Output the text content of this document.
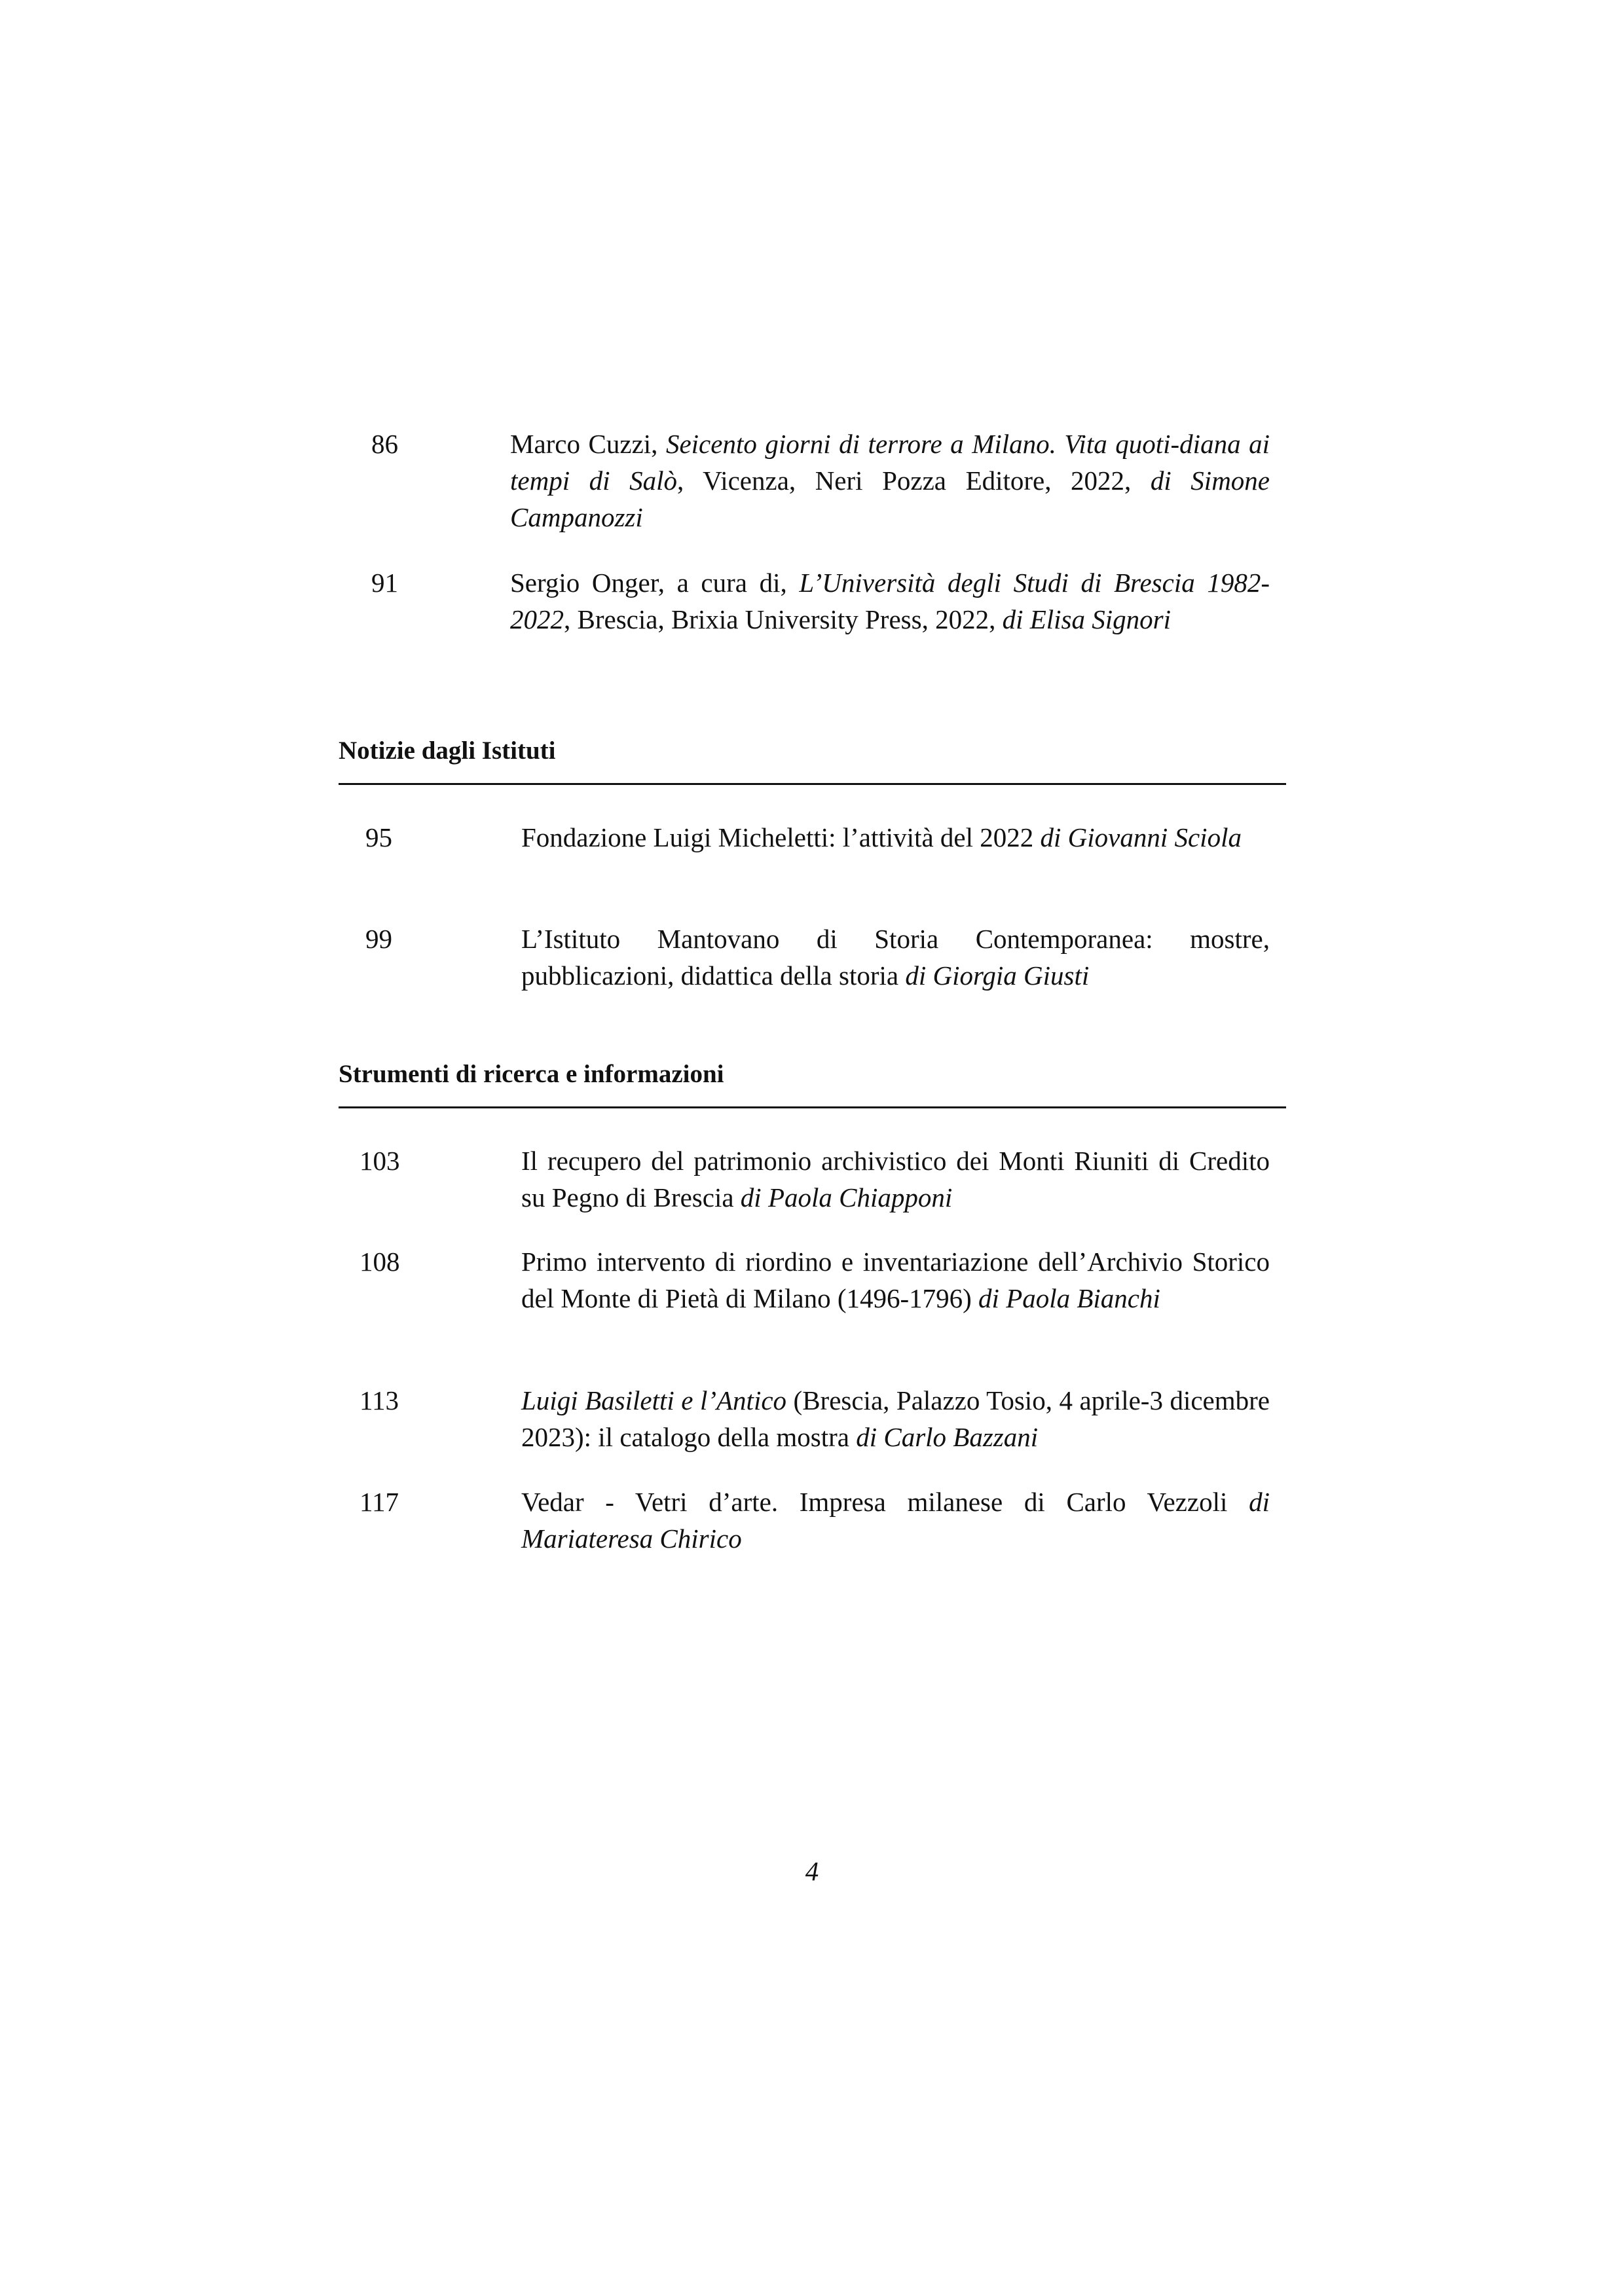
86	Marco Cuzzi, Seicento giorni di terrore a Milano. Vita quoti-diana ai tempi di Salò, Vicenza, Neri Pozza Editore, 2022, di Simone Campanozzi
91	Sergio Onger, a cura di, L’Università degli Studi di Brescia 1982-2022, Brescia, Brixia University Press, 2022, di Elisa Signori
Notizie dagli Istituti
95	Fondazione Luigi Micheletti: l’attività del 2022 di Giovanni Sciola
99	L’Istituto Mantovano di Storia Contemporanea: mostre, pubblicazioni, didattica della storia di Giorgia Giusti
Strumenti di ricerca e informazioni
103	Il recupero del patrimonio archivistico dei Monti Riuniti di Credito su Pegno di Brescia di Paola Chiapponi
108	Primo intervento di riordino e inventariazione dell’Archivio Storico del Monte di Pietà di Milano (1496-1796) di Paola Bianchi
113	Luigi Basiletti e l’Antico (Brescia, Palazzo Tosio, 4 aprile-3 dicembre 2023): il catalogo della mostra di Carlo Bazzani
117	Vedar - Vetri d’arte. Impresa milanese di Carlo Vezzoli di Mariateresa Chirico
4
